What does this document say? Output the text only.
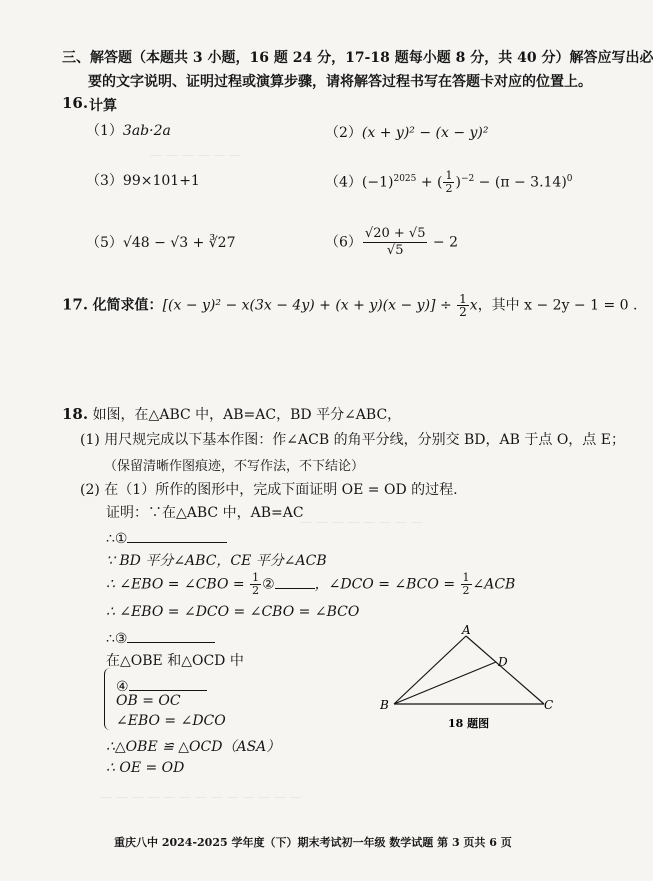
— — — — — —
— — — — — — — —
— — — — — — — — — — — — —
三、解答题（本题共 3 小题，16 题 24 分，17-18 题每小题 8 分，共 40 分）解答应写出必
要的文字说明、证明过程或演算步骤，请将解答过程书写在答题卡对应的位置上。
16. 计算
（1）3ab·2a	（2）(x + y)² − (x − y)²
（3）99×101+1	$(4)(-1)^{2025}$ + ( $\frac{1}{2} )^{-2} - (\pi - 3.14)^0$
（5）√48 − √3 + ∛27	$(6) \frac{√20 + √5}{√5} - 2$
17. 化简求值：$[(x - y)^2 - x(3x - 4y) + (x + y)(x - y)] \div \frac{1}{2}$ x，其中 x − 2y − 1 = 0 .
18. 如图，在△ABC 中，AB=AC，BD 平分∠ABC，
(1) 用尺规完成以下基本作图：作∠ACB 的角平分线，分别交 BD，AB 于点 O，点 E；
（保留清晰作图痕迹，不写作法，不下结论）
(2) 在（1）所作的图形中，完成下面证明 OE = OD 的过程.
证明：∵在△ABC 中，AB=AC
∴①
∵ BD 平分∠ABC，CE 平分∠ACB
∴ ∠EBO = ∠CBO = $\frac{1}{2}$ ②	，∠DCO = ∠BCO = $\frac{1}{2}$ ∠ACB
∴ ∠EBO = ∠DCO = ∠CBO = ∠BCO
∴③
在△OBE 和△OCD 中
④
OB = OC
∠EBO = ∠DCO
∴△OBE ≌ △OCD（ASA）
∴ OE = OD
A
B	C
D
18 题图
重庆八中 2024-2025 学年度（下）期末考试初一年级 数学试题 第 3 页共 6 页
